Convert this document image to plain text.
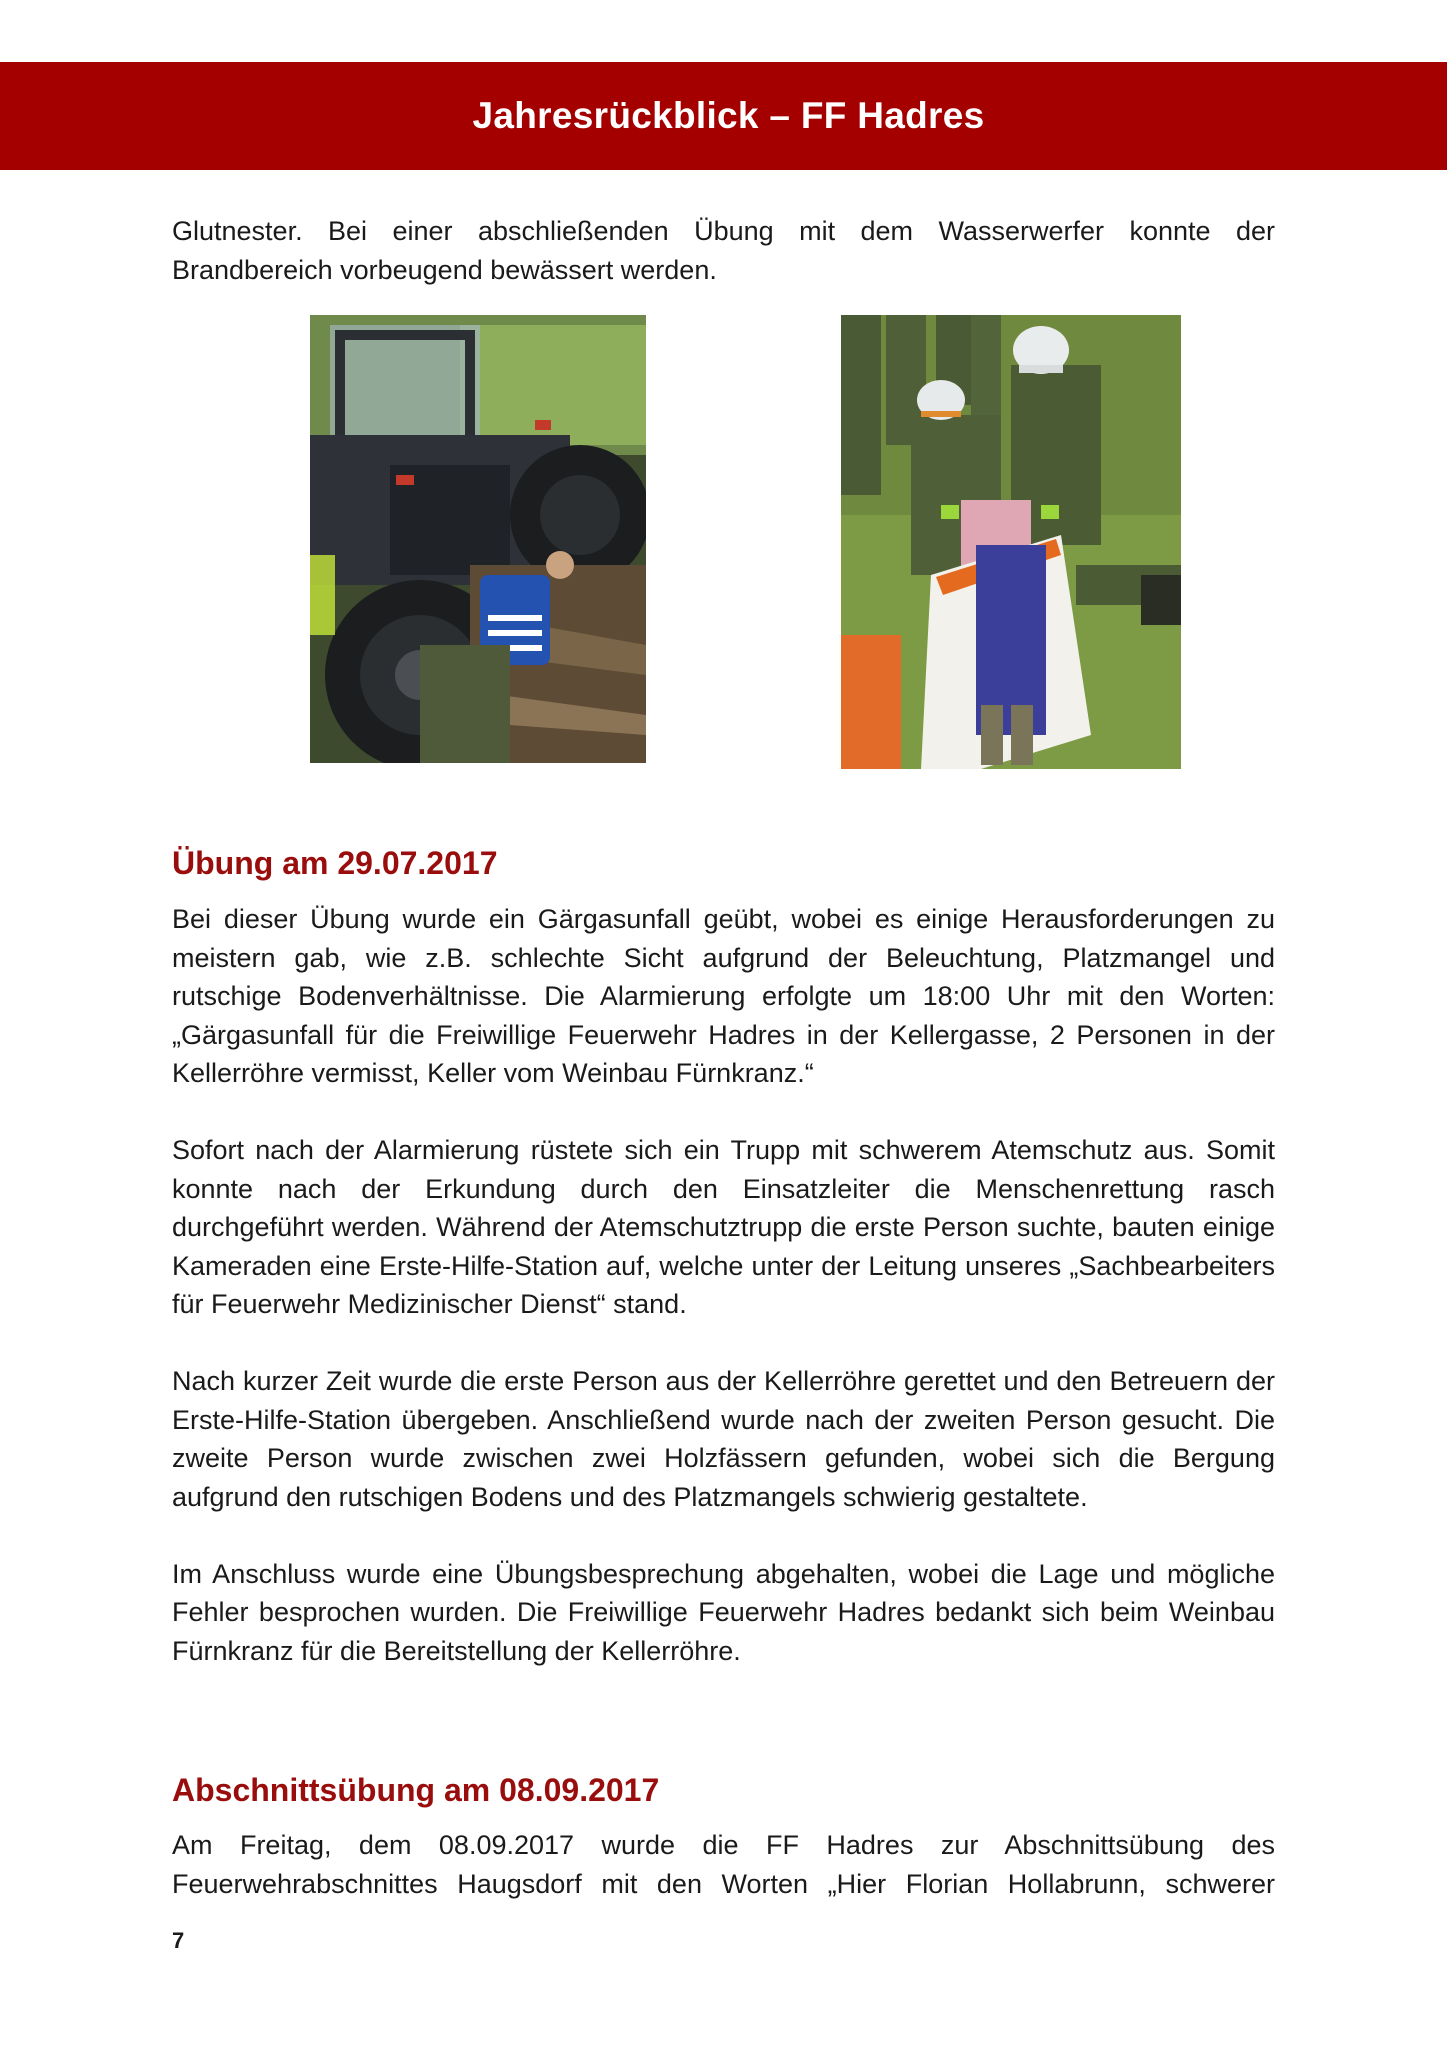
Jahresrückblick – FF Hadres

Glutnester. Bei einer abschließenden Übung mit dem Wasserwerfer konnte der Brandbereich vorbeugend bewässert werden.

Übung am 29.07.2017

Bei dieser Übung wurde ein Gärgasunfall geübt, wobei es einige Herausforderungen zu meistern gab, wie z.B. schlechte Sicht aufgrund der Beleuchtung, Platzmangel und rutschige Bodenverhältnisse. Die Alarmierung erfolgte um 18:00 Uhr mit den Worten: „Gärgasunfall für die Freiwillige Feuerwehr Hadres in der Kellergasse, 2 Personen in der Kellerröhre vermisst, Keller vom Weinbau Fürnkranz.“

Sofort nach der Alarmierung rüstete sich ein Trupp mit schwerem Atemschutz aus. Somit konnte nach der Erkundung durch den Einsatzleiter die Menschenrettung rasch durchgeführt werden. Während der Atemschutztrupp die erste Person suchte, bauten einige Kameraden eine Erste-Hilfe-Station auf, welche unter der Leitung unseres „Sachbearbeiters für Feuerwehr Medizinischer Dienst“ stand.

Nach kurzer Zeit wurde die erste Person aus der Kellerröhre gerettet und den Betreuern der Erste-Hilfe-Station übergeben. Anschließend wurde nach der zweiten Person gesucht. Die zweite Person wurde zwischen zwei Holzfässern gefunden, wobei sich die Bergung aufgrund den rutschigen Bodens und des Platzmangels schwierig gestaltete.

Im Anschluss wurde eine Übungsbesprechung abgehalten, wobei die Lage und mögliche Fehler besprochen wurden. Die Freiwillige Feuerwehr Hadres bedankt sich beim Weinbau Fürnkranz für die Bereitstellung der Kellerröhre.

Abschnittsübung am 08.09.2017

Am Freitag, dem 08.09.2017 wurde die FF Hadres zur Abschnittsübung des Feuerwehrabschnittes Haugsdorf mit den Worten „Hier Florian Hollabrunn, schwerer

7
